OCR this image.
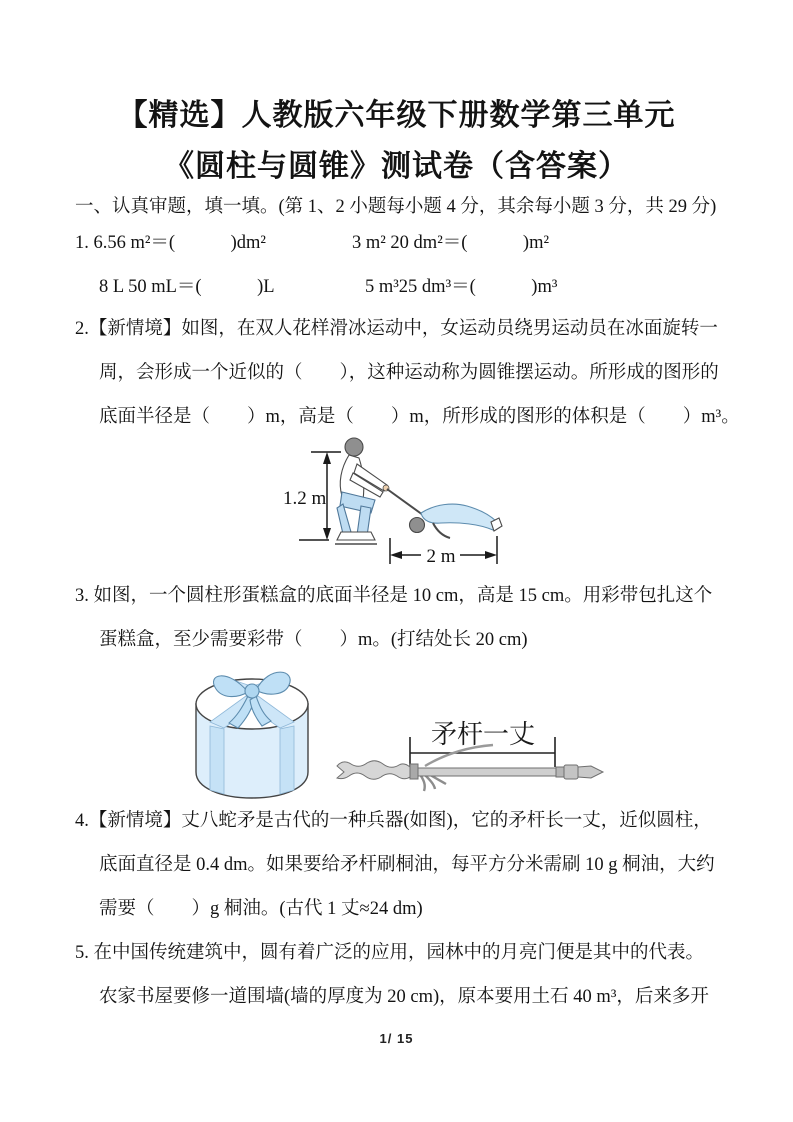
【精选】人教版六年级下册数学第三单元
《圆柱与圆锥》测试卷（含答案）
一、认真审题，填一填。(第 1、2 小题每小题 4 分，其余每小题 3 分，共 29 分)
1. 6.56 m²＝(　　　)dm²	3 m² 20 dm²＝(　　　)m²
8 L 50 mL＝(　　　)L	5 m³25 dm³＝(　　　)m³
2.【新情境】如图，在双人花样滑冰运动中，女运动员绕男运动员在冰面旋转一
周，会形成一个近似的（　　），这种运动称为圆锥摆运动。所形成的图形的
底面半径是（　　）m，高是（　　）m，所形成的图形的体积是（　　）m³。
1.2 m
2 m
3. 如图，一个圆柱形蛋糕盒的底面半径是 10 cm，高是 15 cm。用彩带包扎这个
蛋糕盒，至少需要彩带（　　）m。(打结处长 20 cm)
矛杆一丈
4.【新情境】丈八蛇矛是古代的一种兵器(如图)，它的矛杆长一丈，近似圆柱，
底面直径是 0.4 dm。如果要给矛杆刷桐油，每平方分米需刷 10 g 桐油，大约
需要（　　）g 桐油。(古代 1 丈≈24 dm)
5. 在中国传统建筑中，圆有着广泛的应用，园林中的月亮门便是其中的代表。
农家书屋要修一道围墙(墙的厚度为 20 cm)，原本要用土石 40 m³，后来多开
1/ 15
